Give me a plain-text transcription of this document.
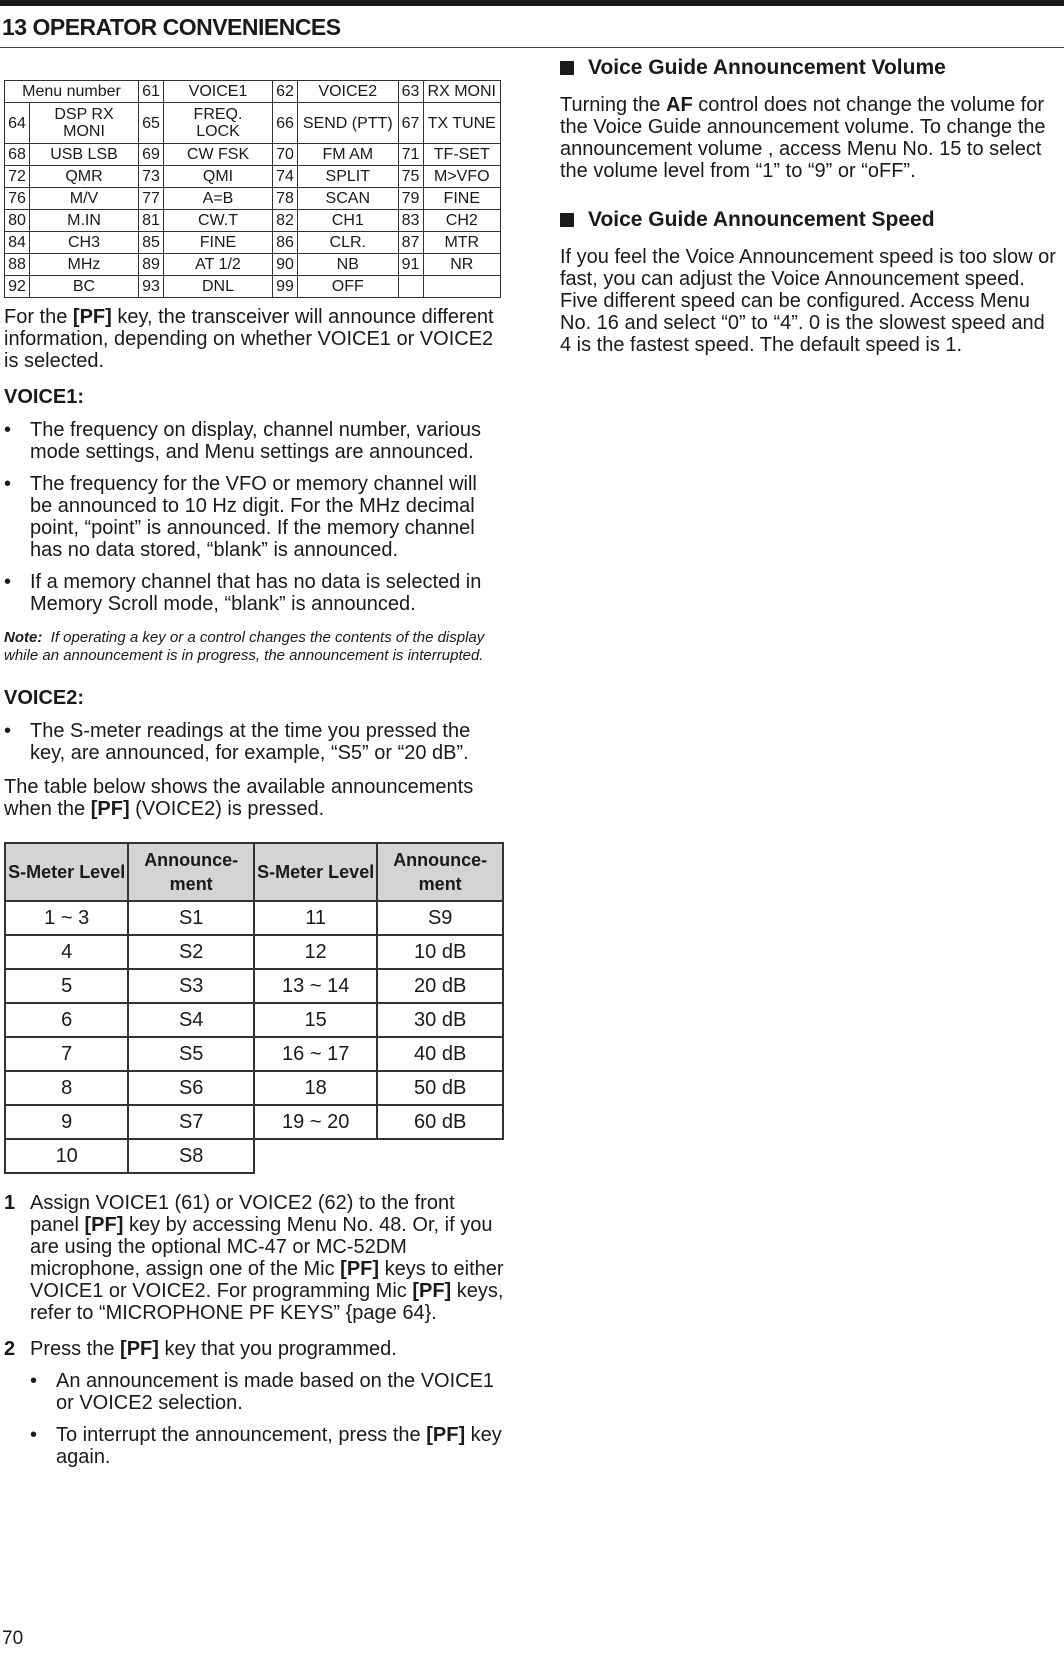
13 OPERATOR CONVENIENCES
Menu number		61	VOICE1	62	VOICE2	63	RX MONI
64	DSP RX MONI	65	FREQ. LOCK	66	SEND (PTT)	67	TX TUNE
68	USB LSB	69	CW FSK	70	FM AM	71	TF-SET
72	QMR	73	QMI	74	SPLIT	75	M>VFO
76	M/V	77	A=B	78	SCAN	79	FINE
80	M.IN	81	CW.T	82	CH1	83	CH2
84	CH3	85	FINE	86	CLR.	87	MTR
88	MHz	89	AT 1/2	90	NB	91	NR
92	BC	93	DNL	99	OFF		

For the [PF] key, the transceiver will announce different information, depending on whether VOICE1 or VOICE2 is selected.

VOICE1:

• The frequency on display, channel number, various mode settings, and Menu settings are announced.
• The frequency for the VFO or memory channel will be announced to 10 Hz digit. For the MHz decimal point, “point” is announced. If the memory channel has no data stored, “blank” is announced.
• If a memory channel that has no data is selected in Memory Scroll mode, “blank” is announced.

Note: If operating a key or a control changes the contents of the display while an announcement is in progress, the announcement is interrupted.

VOICE2:

• The S-meter readings at the time you pressed the key, are announced, for example, “S5” or “20 dB”.

The table below shows the available announcements when the [PF] (VOICE2) is pressed.

S-Meter Level	Announce-ment	S-Meter Level	Announce-ment
1 ~ 3	S1	11	S9
4	S2	12	10 dB
5	S3	13 ~ 14	20 dB
6	S4	15	30 dB
7	S5	16 ~ 17	40 dB
8	S6	18	50 dB
9	S7	19 ~ 20	60 dB
10	S8		
1 Assign VOICE1 (61) or VOICE2 (62) to the front panel [PF] key by accessing Menu No. 48. Or, if you are using the optional MC-47 or MC-52DM microphone, assign one of the Mic [PF] keys to either VOICE1 or VOICE2. For programming Mic [PF] keys, refer to “MICROPHONE PF KEYS” {page 64}.
2 Press the [PF] key that you programmed.
• An announcement is made based on the VOICE1 or VOICE2 selection.
• To interrupt the announcement, press the [PF] key again.
Voice Guide Announcement Volume

Turning the AF control does not change the volume for the Voice Guide announcement volume. To change the announcement volume , access Menu No. 15 to select the volume level from “1” to “9” or “oFF”.

Voice Guide Announcement Speed

If you feel the Voice Announcement speed is too slow or fast, you can adjust the Voice Announcement speed. Five different speed can be configured. Access Menu No. 16 and select “0” to “4”. 0 is the slowest speed and 4 is the fastest speed. The default speed is 1.

70
